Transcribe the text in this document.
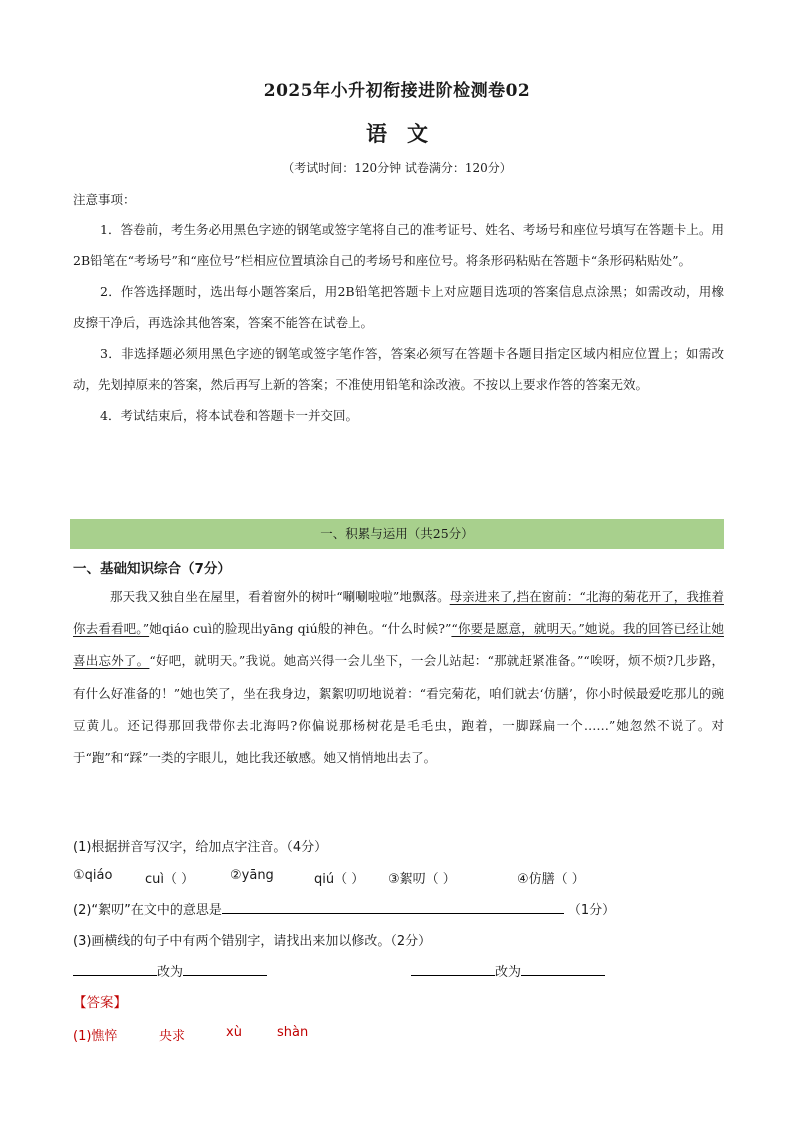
2025年小升初衔接进阶检测卷02
语文
（考试时间：120分钟 试卷满分：120分）
注意事项：

1．答卷前，考生务必用黑色字迹的钢笔或签字笔将自己的准考证号、姓名、考场号和座位号填写在答题卡上。用2B铅笔在“考场号”和“座位号”栏相应位置填涂自己的考场号和座位号。将条形码粘贴在答题卡“条形码粘贴处”。

2．作答选择题时，选出每小题答案后，用2B铅笔把答题卡上对应题目选项的答案信息点涂黑；如需改动，用橡皮擦干净后，再选涂其他答案，答案不能答在试卷上。

3．非选择题必须用黑色字迹的钢笔或签字笔作答，答案必须写在答题卡各题目指定区域内相应位置上；如需改动，先划掉原来的答案，然后再写上新的答案；不准使用铅笔和涂改液。不按以上要求作答的答案无效。

4．考试结束后，将本试卷和答题卡一并交回。

一、积累与运用（共25分）
一、基础知识综合（7分）

那天我又独自坐在屋里，看着窗外的树叶“唰唰啦啦”地飘落。母亲进来了,挡在窗前：“北海的菊花开了，我推着你去看看吧。”她qiáo cuì的脸现出yāng qiú般的神色。“什么时候?”“你要是愿意，就明天。”她说。我的回答已经让她喜出忘外了。“好吧，就明天。”我说。她高兴得一会儿坐下，一会儿站起：“那就赶紧准备。”“唉呀，烦不烦?几步路，有什么好准备的！”她也笑了，坐在我身边，絮絮叨叨地说着：“看完菊花，咱们就去‘仿膳’，你小时候最爱吃那儿的豌豆黄儿。还记得那回我带你去北海吗?你偏说那杨树花是毛毛虫，跑着，一脚踩扁一个……”她忽然不说了。对于“跑”和“踩”一类的字眼儿，她比我还敏感。她又悄悄地出去了。

(1)根据拼音写汉字，给加点字注音。（4分）
①qiáo	cuì（ ）	②yāng	qiú（ ） ③絮叨（ ）	④仿膳（ ）
(2)“絮叨”在文中的意思是	（1分）
(3)画横线的句子中有两个错别字，请找出来加以修改。（2分）
改为	改为
【答案】
(1)憔悴	央求	xù	shàn
